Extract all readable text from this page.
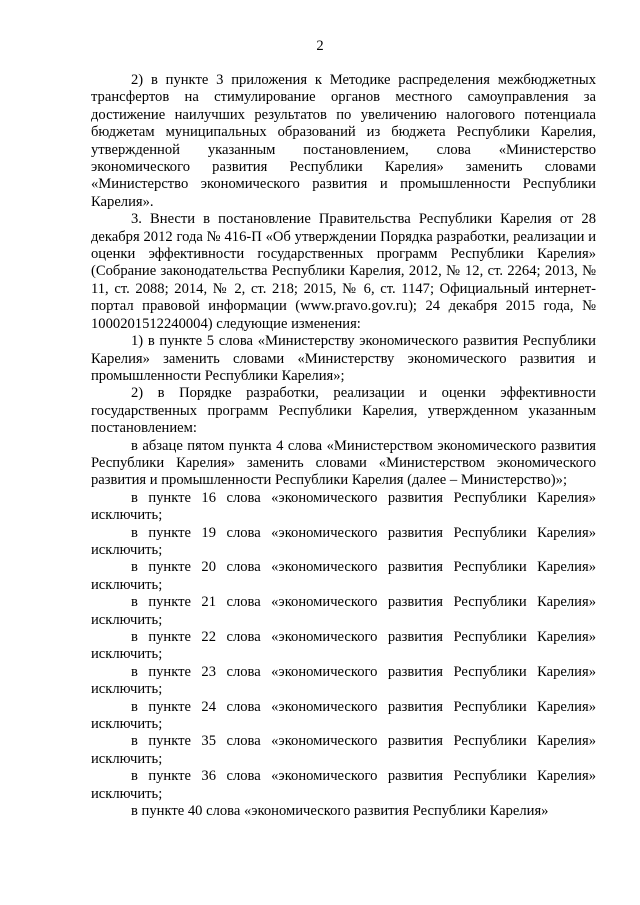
2

2) в пункте 3 приложения к Методике распределения межбюджетных трансфертов на стимулирование органов местного самоуправления за достижение наилучших результатов по увеличению налогового потенциала бюджетам муниципальных образований из бюджета Республики Карелия, утвержденной указанным постановлением, слова «Министерство экономического развития Республики Карелия» заменить словами «Министерство экономического развития и промышленности Республики Карелия».

3. Внести в постановление Правительства Республики Карелия от 28 декабря 2012 года № 416-П «Об утверждении Порядка разработки, реализации и оценки эффективности государственных программ Республики Карелия» (Собрание законодательства Республики Карелия, 2012, № 12, ст. 2264; 2013, № 11, ст. 2088; 2014, № 2, ст. 218; 2015, № 6, ст. 1147; Официальный интернет-портал правовой информации (www.pravo.gov.ru); 24 декабря 2015 года, № 1000201512240004) следующие изменения:

1) в пункте 5 слова «Министерству экономического развития Республики Карелия» заменить словами «Министерству экономического развития и промышленности Республики Карелия»;

2) в Порядке разработки, реализации и оценки эффективности государственных программ Республики Карелия, утвержденном указанным постановлением:

в абзаце пятом пункта 4 слова «Министерством экономического развития Республики Карелия» заменить словами «Министерством экономического развития и промышленности Республики Карелия (далее – Министерство)»;

в пункте 16 слова «экономического развития Республики Карелия» исключить;

в пункте 19 слова «экономического развития Республики Карелия» исключить;

в пункте 20 слова «экономического развития Республики Карелия» исключить;

в пункте 21 слова «экономического развития Республики Карелия» исключить;

в пункте 22 слова «экономического развития Республики Карелия» исключить;

в пункте 23 слова «экономического развития Республики Карелия» исключить;

в пункте 24 слова «экономического развития Республики Карелия» исключить;

в пункте 35 слова «экономического развития Республики Карелия» исключить;

в пункте 36 слова «экономического развития Республики Карелия» исключить;

в пункте 40 слова «экономического развития Республики Карелия»
